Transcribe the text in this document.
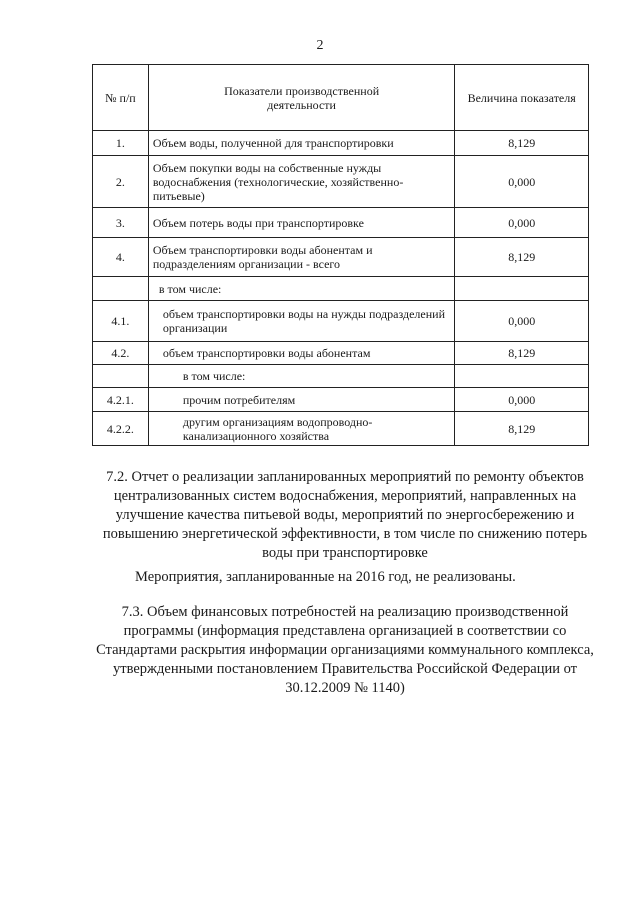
2
№ п/п	Показатели производственной деятельности	Величина показателя
1.	Объем воды, полученной для транспортировки	8,129
2.	Объем покупки воды на собственные нужды водоснабжения (технологические, хозяйственно-питьевые)	0,000
3.	Объем потерь воды при транспортировке	0,000
4.	Объем транспортировки воды абонентам и подразделениям организации - всего	8,129
	в том числе:	
4.1.	объем транспортировки воды на нужды подразделений организации	0,000
4.2.	объем транспортировки воды абонентам	8,129
	в том числе:	
4.2.1.	прочим потребителям	0,000
4.2.2.	другим организациям водопроводно-канализационного хозяйства	8,129
7.2. Отчет о реализации запланированных мероприятий по ремонту объектов централизованных систем водоснабжения, мероприятий, направленных на улучшение качества питьевой воды, мероприятий по энергосбережению и повышению энергетической эффективности, в том числе по снижению потерь воды при транспортировке
Мероприятия, запланированные на 2016 год, не реализованы.
7.3. Объем финансовых потребностей на реализацию производственной программы (информация представлена организацией в соответствии со Стандартами раскрытия информации организациями коммунального комплекса, утвержденными постановлением Правительства Российской Федерации от 30.12.2009 № 1140)
